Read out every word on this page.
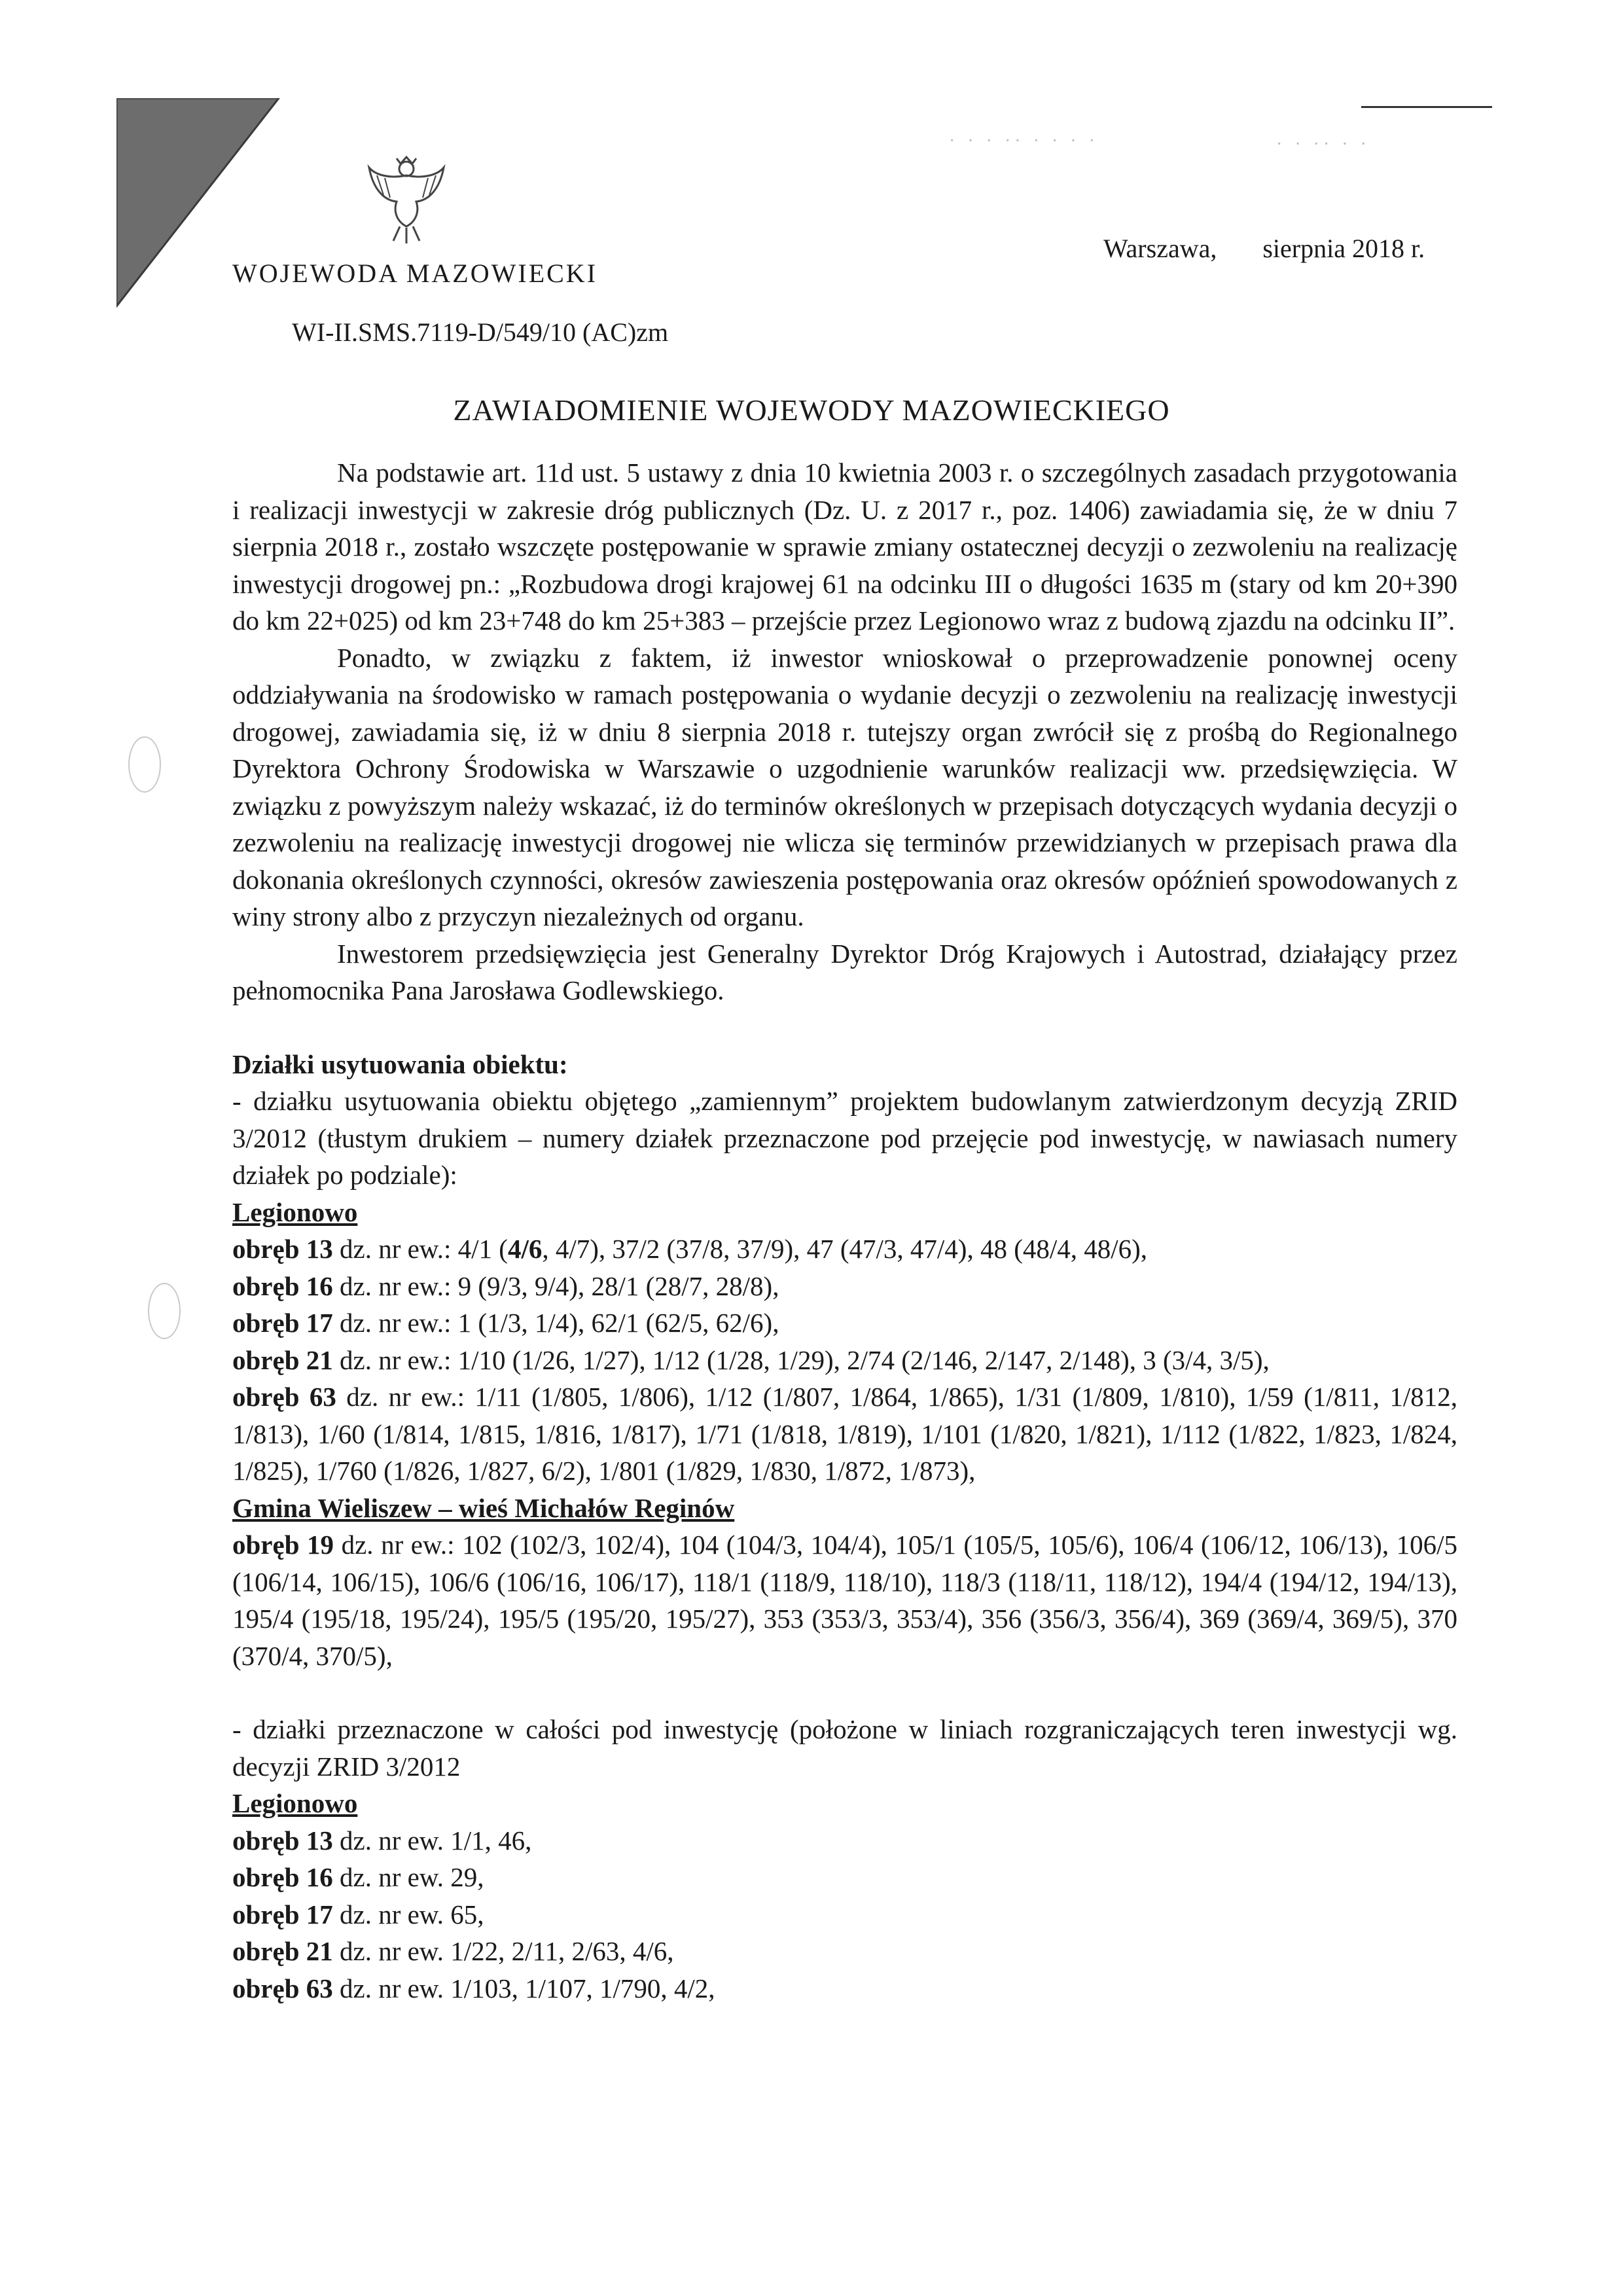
· · · ·· · · · ·	· · ·· · ·
WOJEWODA MAZOWIECKI
WI-II.SMS.7119-D/549/10 (AC)zm
Warszawa,       sierpnia 2018 r.
ZAWIADOMIENIE WOJEWODY MAZOWIECKIEGO

Na podstawie art. 11d ust. 5 ustawy z dnia 10 kwietnia 2003 r. o szczególnych zasadach przygotowania i realizacji inwestycji w zakresie dróg publicznych (Dz. U. z 2017 r., poz. 1406) zawiadamia się, że w dniu 7 sierpnia 2018 r., zostało wszczęte postępowanie w sprawie zmiany ostatecznej decyzji o zezwoleniu na realizację inwestycji drogowej pn.: „Rozbudowa drogi krajowej 61 na odcinku III o długości 1635 m (stary od km 20+390 do km 22+025) od km 23+748 do km 25+383 – przejście przez Legionowo wraz z budową zjazdu na odcinku II”.

Ponadto, w związku z faktem, iż inwestor wnioskował o przeprowadzenie ponownej oceny oddziaływania na środowisko w ramach postępowania o wydanie decyzji o zezwoleniu na realizację inwestycji drogowej, zawiadamia się, iż w dniu 8 sierpnia 2018 r. tutejszy organ zwrócił się z prośbą do Regionalnego Dyrektora Ochrony Środowiska w Warszawie o uzgodnienie warunków realizacji ww. przedsięwzięcia. W związku z powyższym należy wskazać, iż do terminów określonych w przepisach dotyczących wydania decyzji o zezwoleniu na realizację inwestycji drogowej nie wlicza się terminów przewidzianych w przepisach prawa dla dokonania określonych czynności, okresów zawieszenia postępowania oraz okresów opóźnień spowodowanych z winy strony albo z przyczyn niezależnych od organu.

Inwestorem przedsięwzięcia jest Generalny Dyrektor Dróg Krajowych i Autostrad, działający przez pełnomocnika Pana Jarosława Godlewskiego.

Działki usytuowania obiektu:

- działku usytuowania obiektu objętego „zamiennym” projektem budowlanym zatwierdzonym decyzją ZRID 3/2012 (tłustym drukiem – numery działek przeznaczone pod przejęcie pod inwestycję, w nawiasach numery działek po podziale):

Legionowo

obręb 13 dz. nr ew.: 4/1 (4/6, 4/7), 37/2 (37/8, 37/9), 47 (47/3, 47/4), 48 (48/4, 48/6),

obręb 16 dz. nr ew.: 9 (9/3, 9/4), 28/1 (28/7, 28/8),

obręb 17 dz. nr ew.: 1 (1/3, 1/4), 62/1 (62/5, 62/6),

obręb 21 dz. nr ew.: 1/10 (1/26, 1/27), 1/12 (1/28, 1/29), 2/74 (2/146, 2/147, 2/148), 3 (3/4, 3/5),

obręb 63 dz. nr ew.: 1/11 (1/805, 1/806), 1/12 (1/807, 1/864, 1/865), 1/31 (1/809, 1/810), 1/59 (1/811, 1/812, 1/813), 1/60 (1/814, 1/815, 1/816, 1/817), 1/71 (1/818, 1/819), 1/101 (1/820, 1/821), 1/112 (1/822, 1/823, 1/824, 1/825), 1/760 (1/826, 1/827, 6/2), 1/801 (1/829, 1/830, 1/872, 1/873),

Gmina Wieliszew – wieś Michałów Reginów

obręb 19 dz. nr ew.: 102 (102/3, 102/4), 104 (104/3, 104/4), 105/1 (105/5, 105/6), 106/4 (106/12, 106/13), 106/5 (106/14, 106/15), 106/6 (106/16, 106/17), 118/1 (118/9, 118/10), 118/3 (118/11, 118/12), 194/4 (194/12, 194/13), 195/4 (195/18, 195/24), 195/5 (195/20, 195/27), 353 (353/3, 353/4), 356 (356/3, 356/4), 369 (369/4, 369/5), 370 (370/4, 370/5),

- działki przeznaczone w całości pod inwestycję (położone w liniach rozgraniczających teren inwestycji wg. decyzji ZRID 3/2012

Legionowo

obręb 13 dz. nr ew. 1/1, 46,

obręb 16 dz. nr ew. 29,

obręb 17 dz. nr ew. 65,

obręb 21 dz. nr ew. 1/22, 2/11, 2/63, 4/6,

obręb 63 dz. nr ew. 1/103, 1/107, 1/790, 4/2,
